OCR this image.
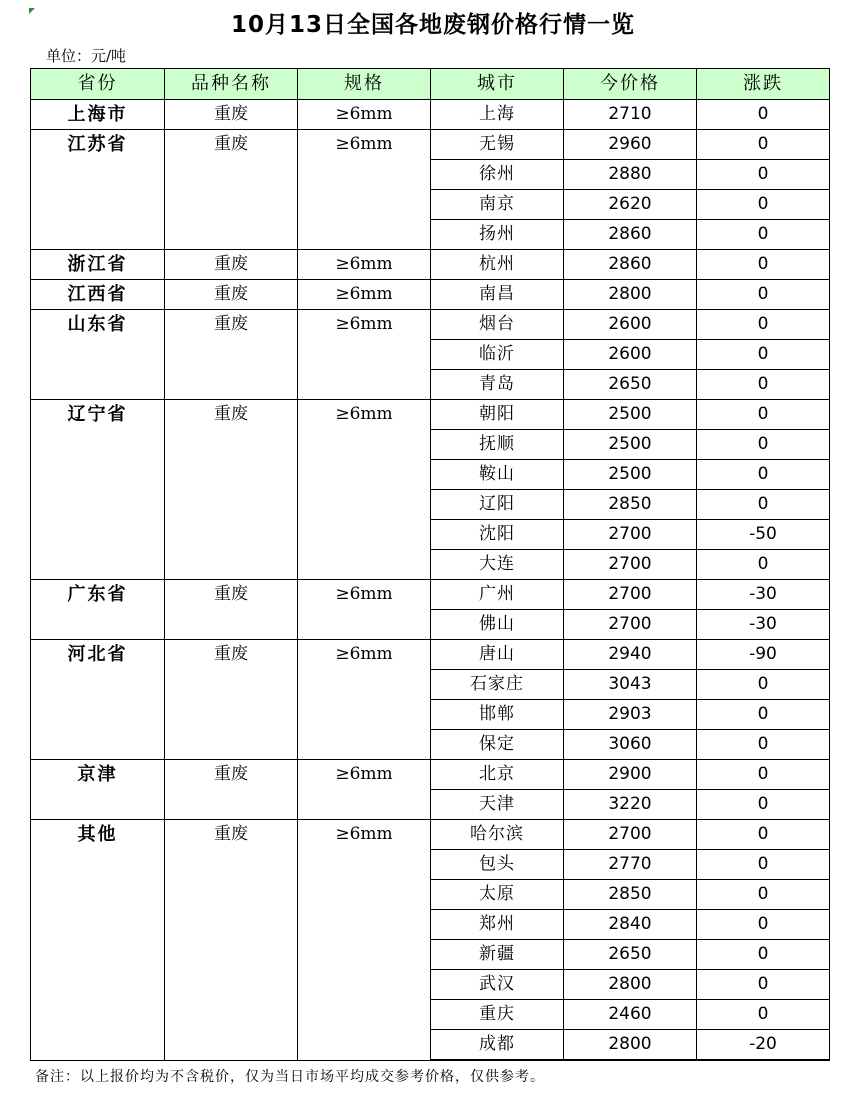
10月13日全国各地废钢价格行情一览
单位：元/吨
省份	品种名称	规格	城市	今价格	涨跌
上海市	重废	≥6mm	上海	2710	0
江苏省	重废	≥6mm	无锡	2960	0
			徐州	2880	0
			南京	2620	0
			扬州	2860	0
浙江省	重废	≥6mm	杭州	2860	0
江西省	重废	≥6mm	南昌	2800	0
山东省	重废	≥6mm	烟台	2600	0
			临沂	2600	0
			青岛	2650	0
辽宁省	重废	≥6mm	朝阳	2500	0
			抚顺	2500	0
			鞍山	2500	0
			辽阳	2850	0
			沈阳	2700	-50
			大连	2700	0
广东省	重废	≥6mm	广州	2700	-30
			佛山	2700	-30
河北省	重废	≥6mm	唐山	2940	-90
			石家庄	3043	0
			邯郸	2903	0
			保定	3060	0
京津	重废	≥6mm	北京	2900	0
			天津	3220	0
其他	重废	≥6mm	哈尔滨	2700	0
			包头	2770	0
			太原	2850	0
			郑州	2840	0
			新疆	2650	0
			武汉	2800	0
			重庆	2460	0
			成都	2800	-20
备注：以上报价均为不含税价，仅为当日市场平均成交参考价格，仅供参考。
